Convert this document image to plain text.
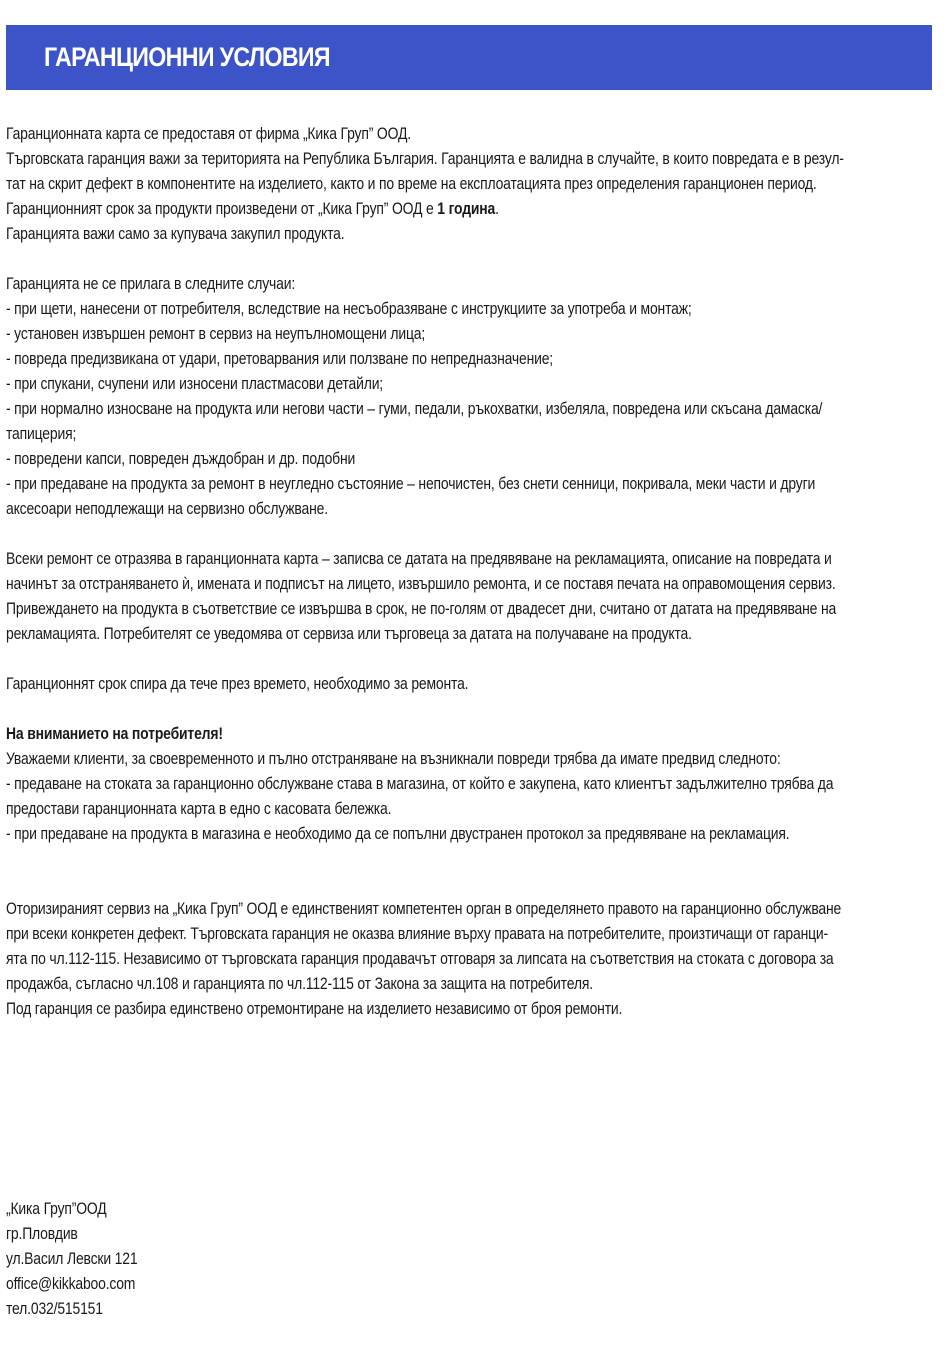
ГАРАНЦИОННИ УСЛОВИЯ
Гаранционната карта се предоставя от фирма „Кика Груп” ООД.
Търговската гаранция важи за територията на Република България. Гаранцията е валидна в случайте, в които повредата е в резул-
тат на скрит дефект в компонентите на изделието, както и по време на експлоатацията през определения гаранционен период.
Гаранционният срок за продукти произведени от „Кика Груп” ООД е 1 година.
Гаранцията важи само за купувача закупил продукта.
Гаранцията не се прилага в следните случаи:
- при щети, нанесени от потребителя, вследствие на несъобразяване с инструкциите за употреба и монтаж;
- установен извършен ремонт в сервиз на неупълномощени лица;
- повреда предизвикана от удари, претоварвания или ползване по непредназначение;
- при спукани, счупени или износени пластмасови детайли;
- при нормално износване на продукта или негови части – гуми, педали, ръкохватки, избеляла, повредена или скъсана дамаска/
тапицерия;
- повредени капси, повреден дъждобран и др. подобни
- при предаване на продукта за ремонт в неугледно състояние – непочистен, без снети сенници, покривала, меки части и други
аксесоари неподлежащи на сервизно обслужване.
Всеки ремонт се отразява в гаранционната карта – записва се датата на предявяване на рекламацията, описание на повредата и
начинът за отстраняването ѝ, имената и подписът на лицето, извършило ремонта, и се поставя печата на оправомощения сервиз.
Привеждането на продукта в съответствие се извършва в срок, не по-голям от двадесет дни, считано от датата на предявяване на
рекламацията. Потребителят се уведомява от сервиза или търговеца за датата на получаване на продукта.
Гаранционнят срок спира да тече през времето, необходимо за ремонта.
На вниманието на потребителя!
Уважаеми клиенти, за своевременното и пълно отстраняване на възникнали повреди трябва да имате предвид следното:
- предаване на стоката за гаранционно обслужване става в магазина, от който е закупена, като клиентът задължително трябва да
предостави гаранционната карта в едно с касовата бележка.
- при предаване на продукта в магазина е необходимо да се попълни двустранен протокол за предявяване на рекламация.
Оторизираният сервиз на „Кика Груп” ООД е единственият компетентен орган в определянето правото на гаранционно обслужване
при всеки конкретен дефект. Търговската гаранция не оказва влияние върху правата на потребителите, произтичащи от гаранци-
ята по чл.112-115. Независимо от търговската гаранция продавачът отговаря за липсата на съответствия на стоката с договора за
продажба, съгласно чл.108 и гаранцията по чл.112-115 от Закона за защита на потребителя.
Под гаранция се разбира единствено отремонтиране на изделието независимо от броя ремонти.
„Кика Груп”ООД
гр.Пловдив
ул.Васил Левски 121
office@kikkaboo.com
тел.032/515151
